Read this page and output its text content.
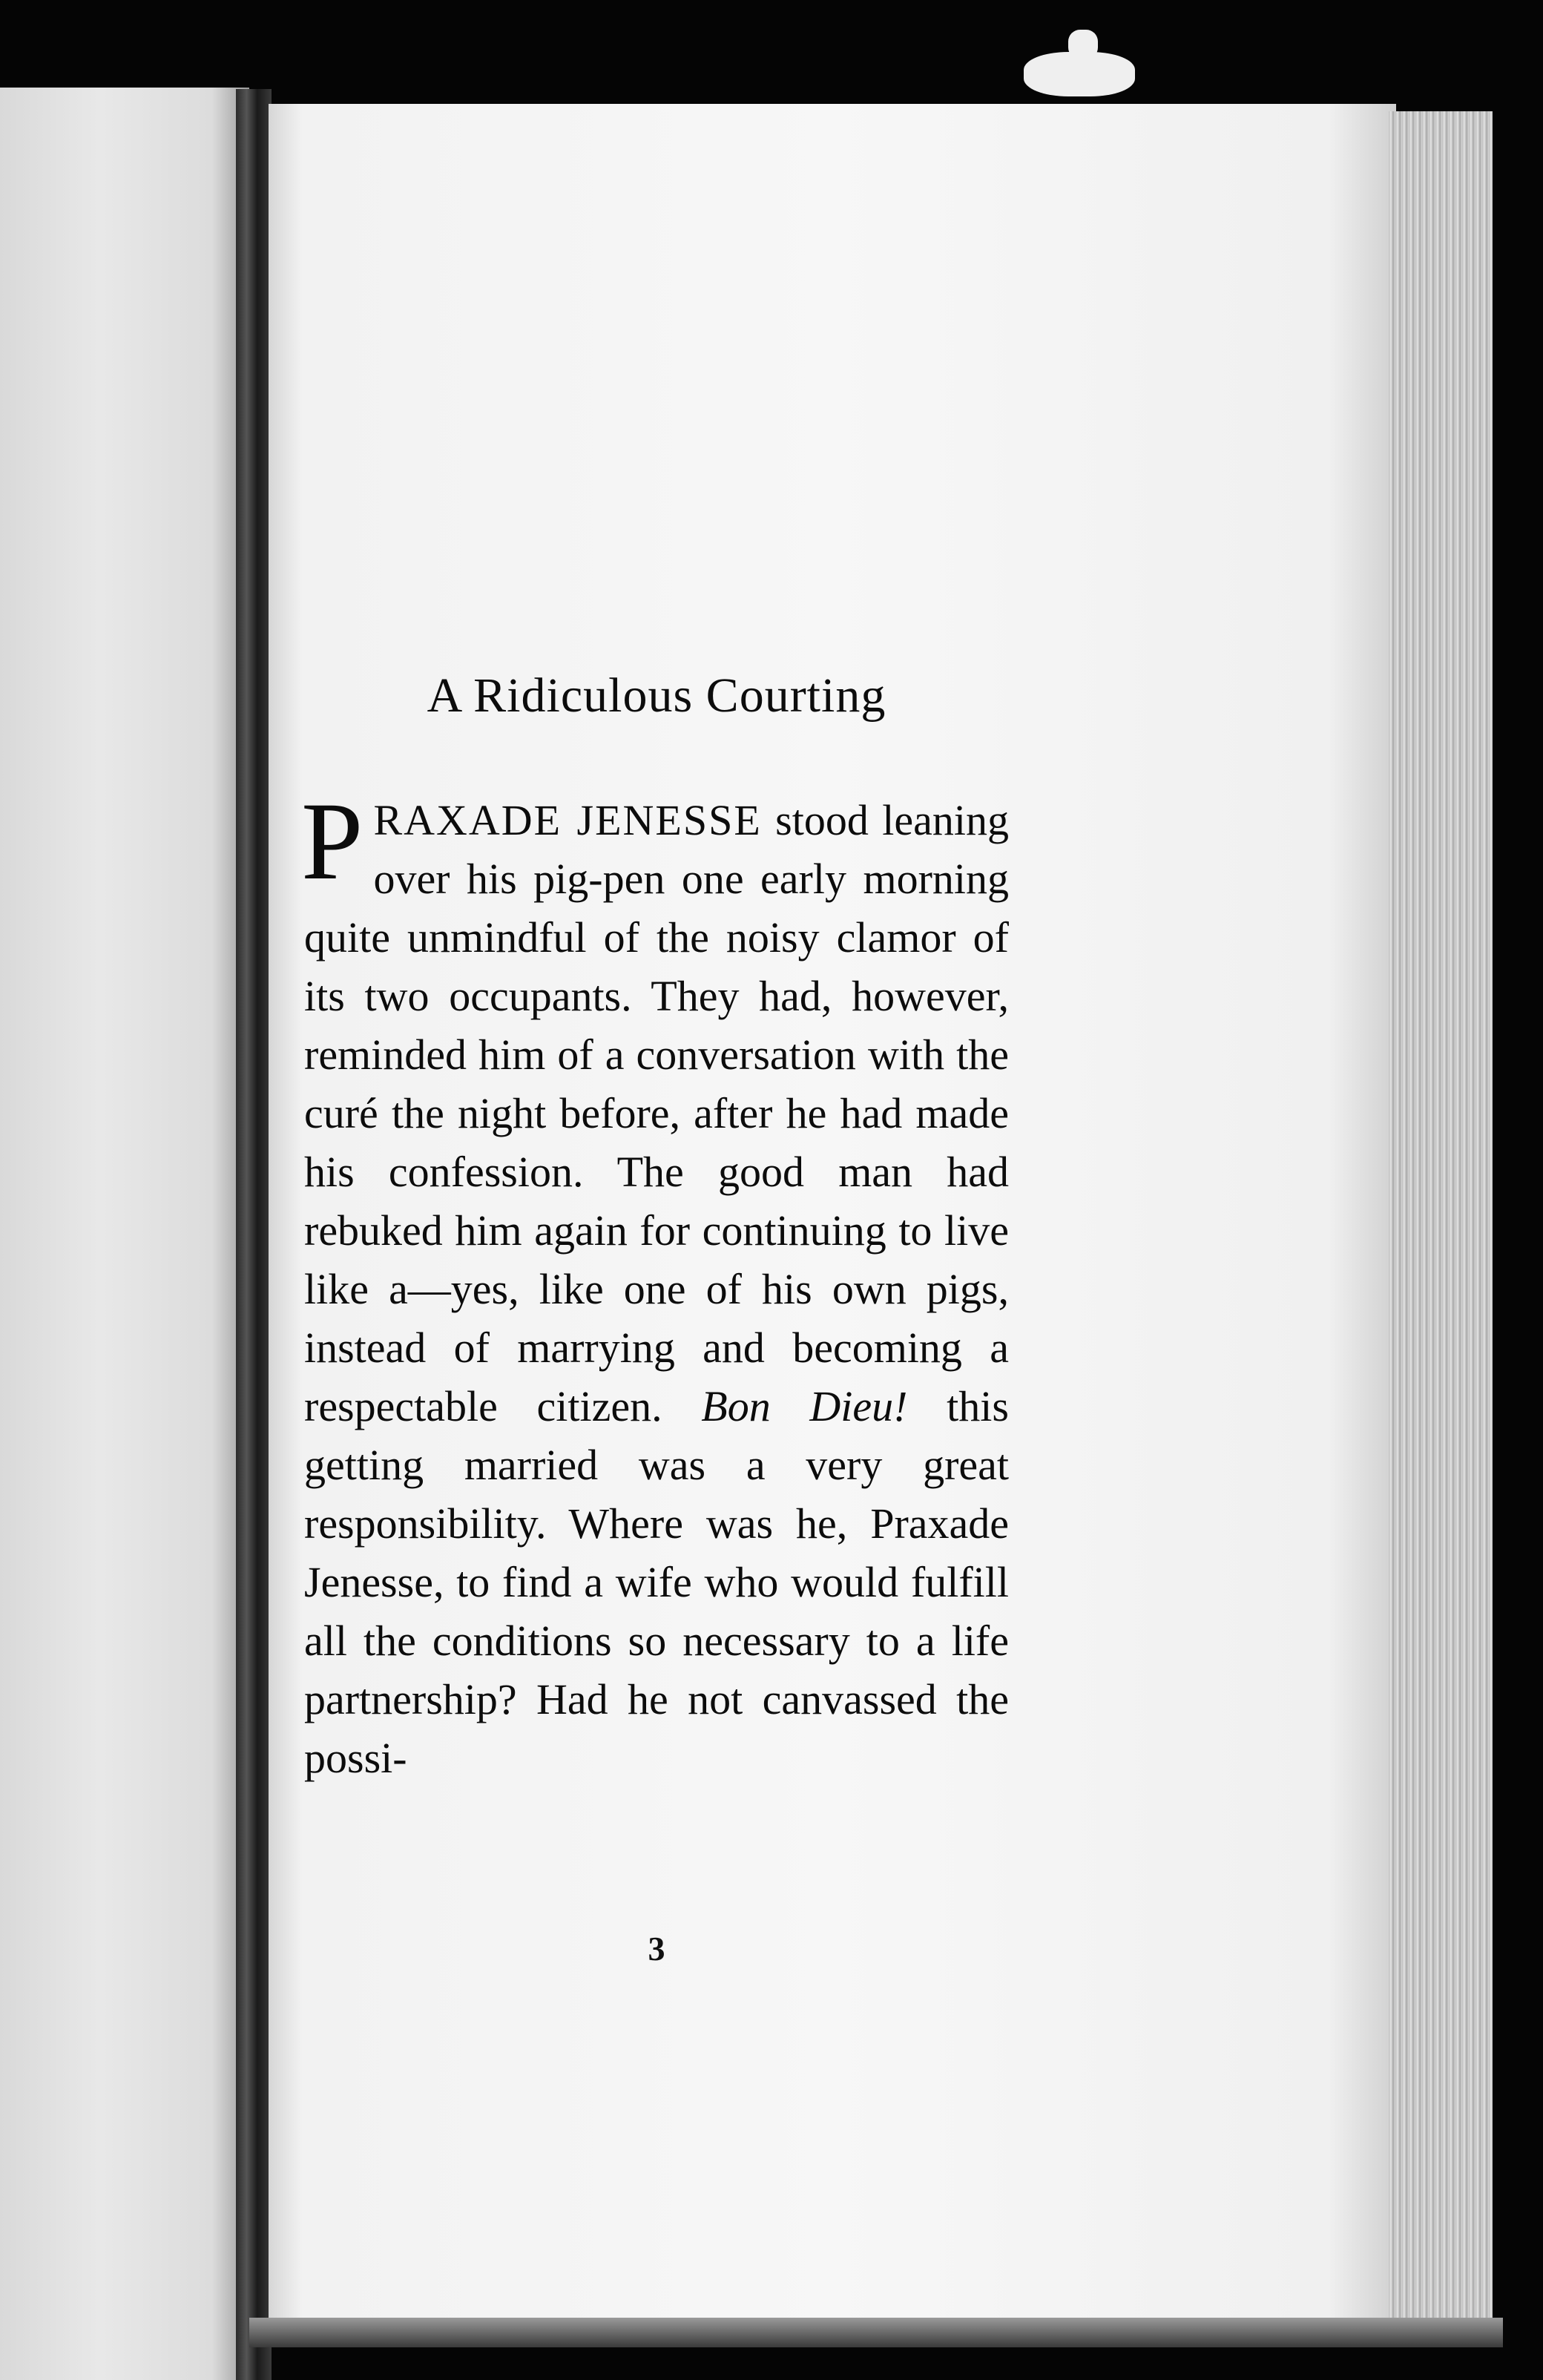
A Ridiculous Courting

PRAXADE JENESSE stood leaning over his pig-pen one early morning quite unmindful of the noisy clamor of its two occupants. They had, however, reminded him of a conversation with the curé the night before, after he had made his confession. The good man had rebuked him again for continuing to live like a—yes, like one of his own pigs, instead of marrying and becoming a respectable citizen. Bon Dieu! this getting married was a very great responsibility. Where was he, Praxade Jenesse, to find a wife who would fulfill all the conditions so necessary to a life partnership? Had he not canvassed the possi-

3
